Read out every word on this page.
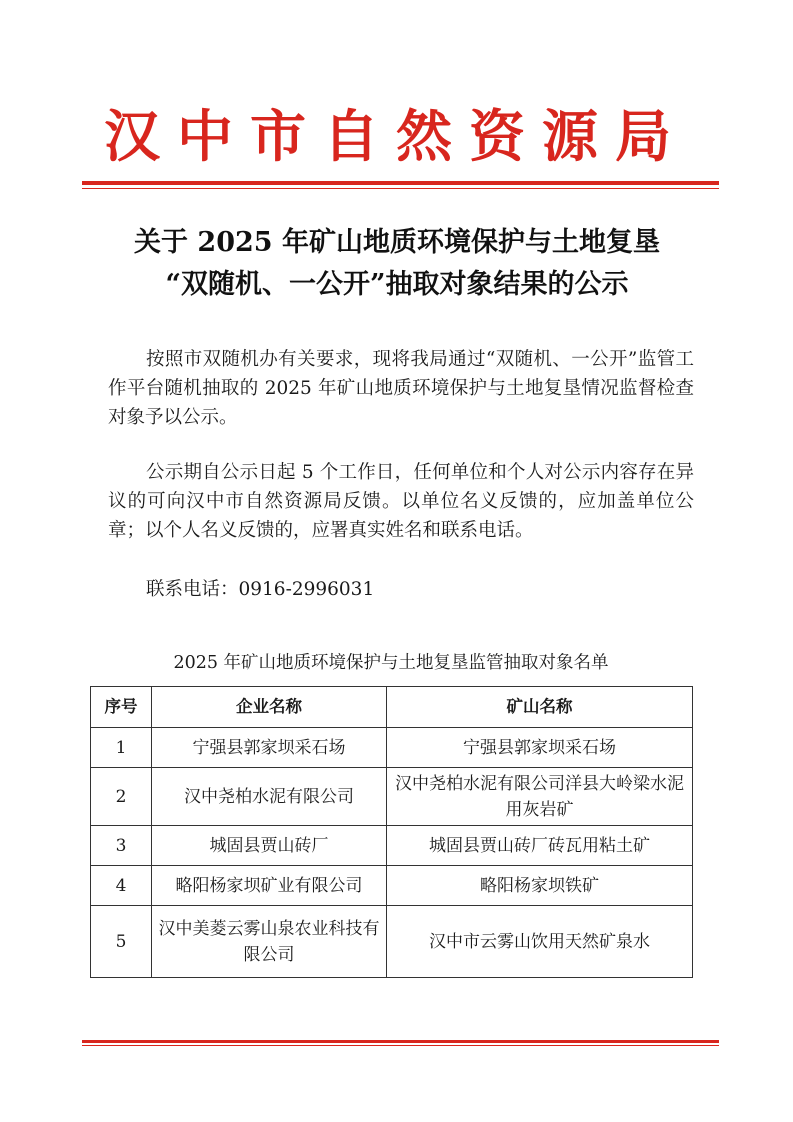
汉中市自然资源局
关于 2025 年矿山地质环境保护与土地复垦
“双随机、一公开”抽取对象结果的公示
按照市双随机办有关要求，现将我局通过“双随机、一公开”监管工作平台随机抽取的 2025 年矿山地质环境保护与土地复垦情况监督检查对象予以公示。
公示期自公示日起 5 个工作日，任何单位和个人对公示内容存在异议的可向汉中市自然资源局反馈。以单位名义反馈的，应加盖单位公章；以个人名义反馈的，应署真实姓名和联系电话。
联系电话：0916-2996031
2025 年矿山地质环境保护与土地复垦监管抽取对象名单
序号	企业名称	矿山名称
1	宁强县郭家坝采石场	宁强县郭家坝采石场
2	汉中尧柏水泥有限公司	汉中尧柏水泥有限公司洋县大岭梁水泥用灰岩矿
3	城固县贾山砖厂	城固县贾山砖厂砖瓦用粘土矿
4	略阳杨家坝矿业有限公司	略阳杨家坝铁矿
5	汉中美菱云雾山泉农业科技有限公司	汉中市云雾山饮用天然矿泉水
